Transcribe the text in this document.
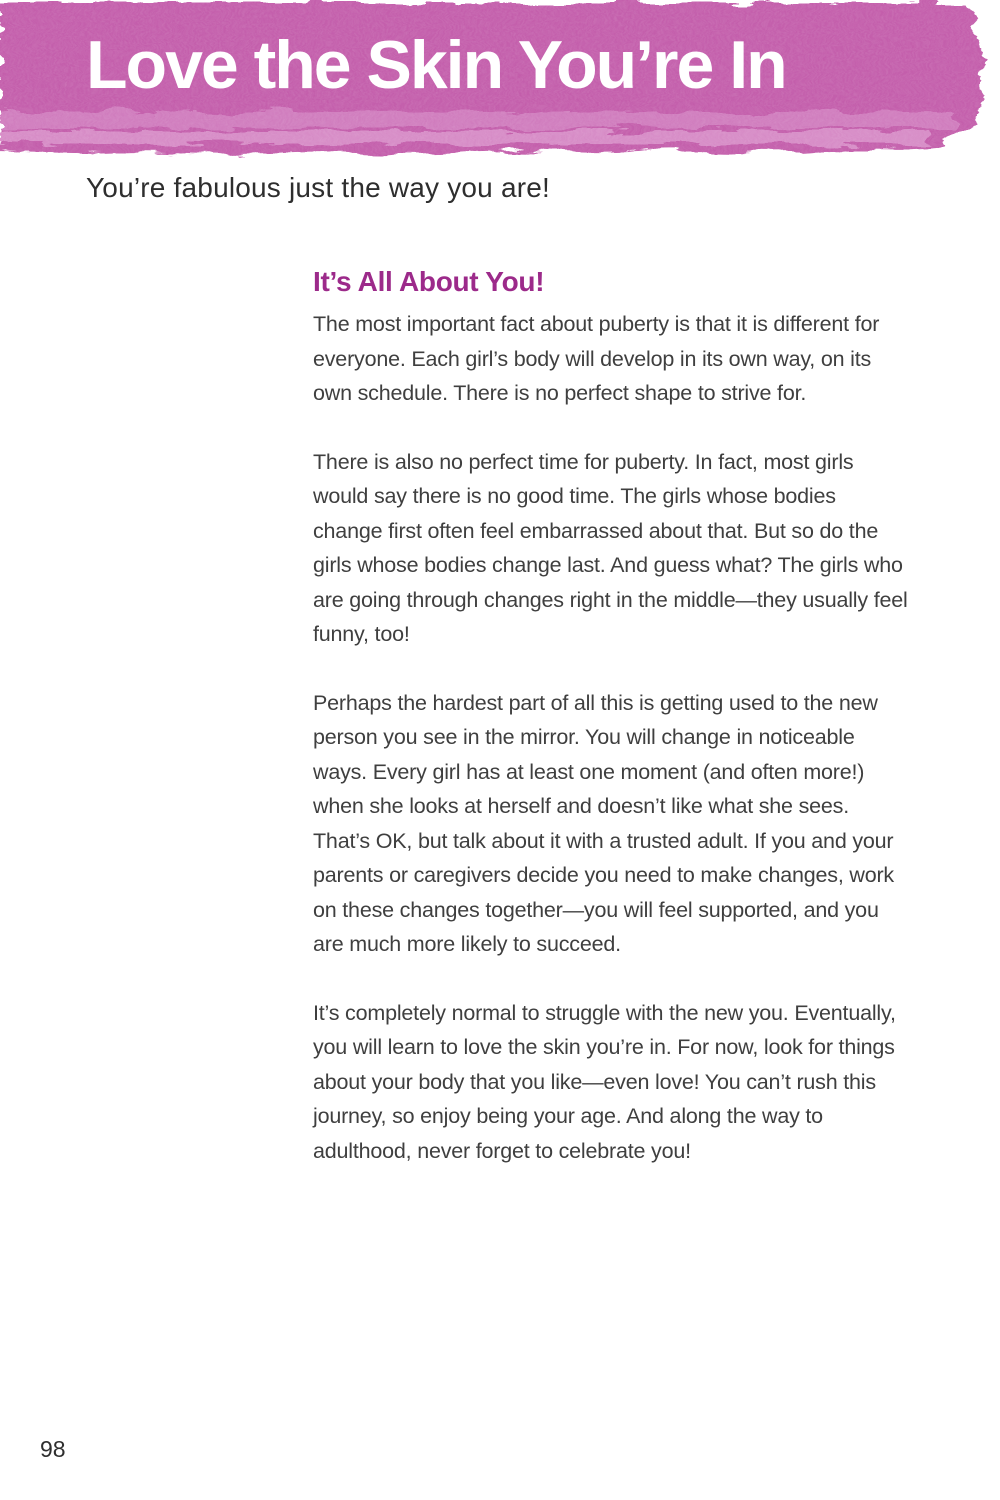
Love the Skin You’re In

You’re fabulous just the way you are!

It’s All About You!

The most important fact about puberty is that it is different for everyone. Each girl’s body will develop in its own way, on its own schedule. There is no perfect shape to strive for.

There is also no perfect time for puberty. In fact, most girls would say there is no good time. The girls whose bodies change first often feel embarrassed about that. But so do the girls whose bodies change last. And guess what? The girls who are going through changes right in the middle—they usually feel funny, too!

Perhaps the hardest part of all this is getting used to the new person you see in the mirror. You will change in noticeable ways. Every girl has at least one moment (and often more!) when she looks at herself and doesn’t like what she sees. That’s OK, but talk about it with a trusted adult. If you and your parents or caregivers decide you need to make changes, work on these changes together—you will feel supported, and you are much more likely to succeed.

It’s completely normal to struggle with the new you. Eventually, you will learn to love the skin you’re in. For now, look for things about your body that you like—even love! You can’t rush this journey, so enjoy being your age. And along the way to adulthood, never forget to celebrate you!

98
